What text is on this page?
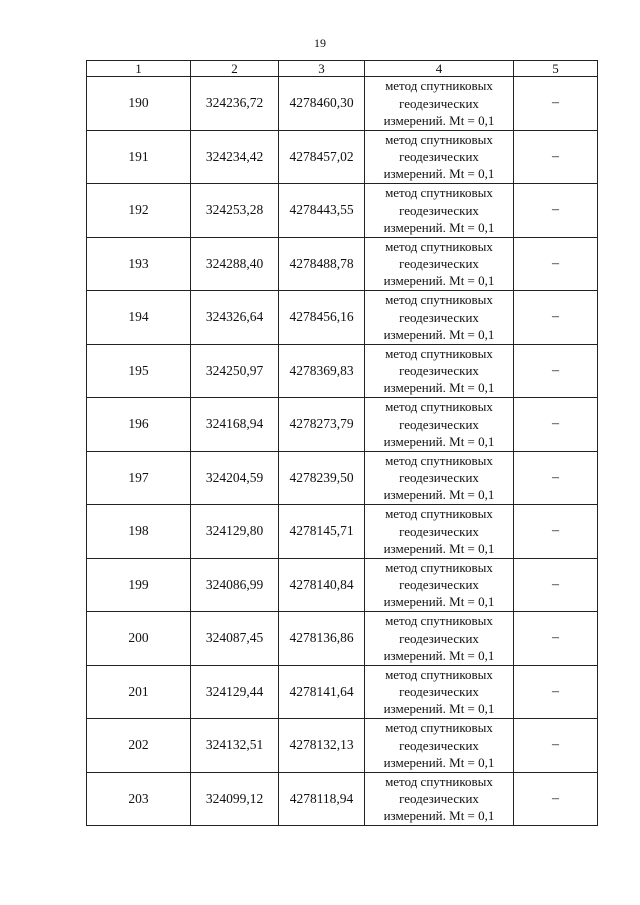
19
1	2	3	4	5
190	324236,72	4278460,30	метод спутниковых
геодезических
измерений. Mt = 0,1	–
191	324234,42	4278457,02	метод спутниковых
геодезических
измерений. Mt = 0,1	–
192	324253,28	4278443,55	метод спутниковых
геодезических
измерений. Mt = 0,1	–
193	324288,40	4278488,78	метод спутниковых
геодезических
измерений. Mt = 0,1	–
194	324326,64	4278456,16	метод спутниковых
геодезических
измерений. Mt = 0,1	–
195	324250,97	4278369,83	метод спутниковых
геодезических
измерений. Mt = 0,1	–
196	324168,94	4278273,79	метод спутниковых
геодезических
измерений. Mt = 0,1	–
197	324204,59	4278239,50	метод спутниковых
геодезических
измерений. Mt = 0,1	–
198	324129,80	4278145,71	метод спутниковых
геодезических
измерений. Mt = 0,1	–
199	324086,99	4278140,84	метод спутниковых
геодезических
измерений. Mt = 0,1	–
200	324087,45	4278136,86	метод спутниковых
геодезических
измерений. Mt = 0,1	–
201	324129,44	4278141,64	метод спутниковых
геодезических
измерений. Mt = 0,1	–
202	324132,51	4278132,13	метод спутниковых
геодезических
измерений. Mt = 0,1	–
203	324099,12	4278118,94	метод спутниковых
геодезических
измерений. Mt = 0,1	–
